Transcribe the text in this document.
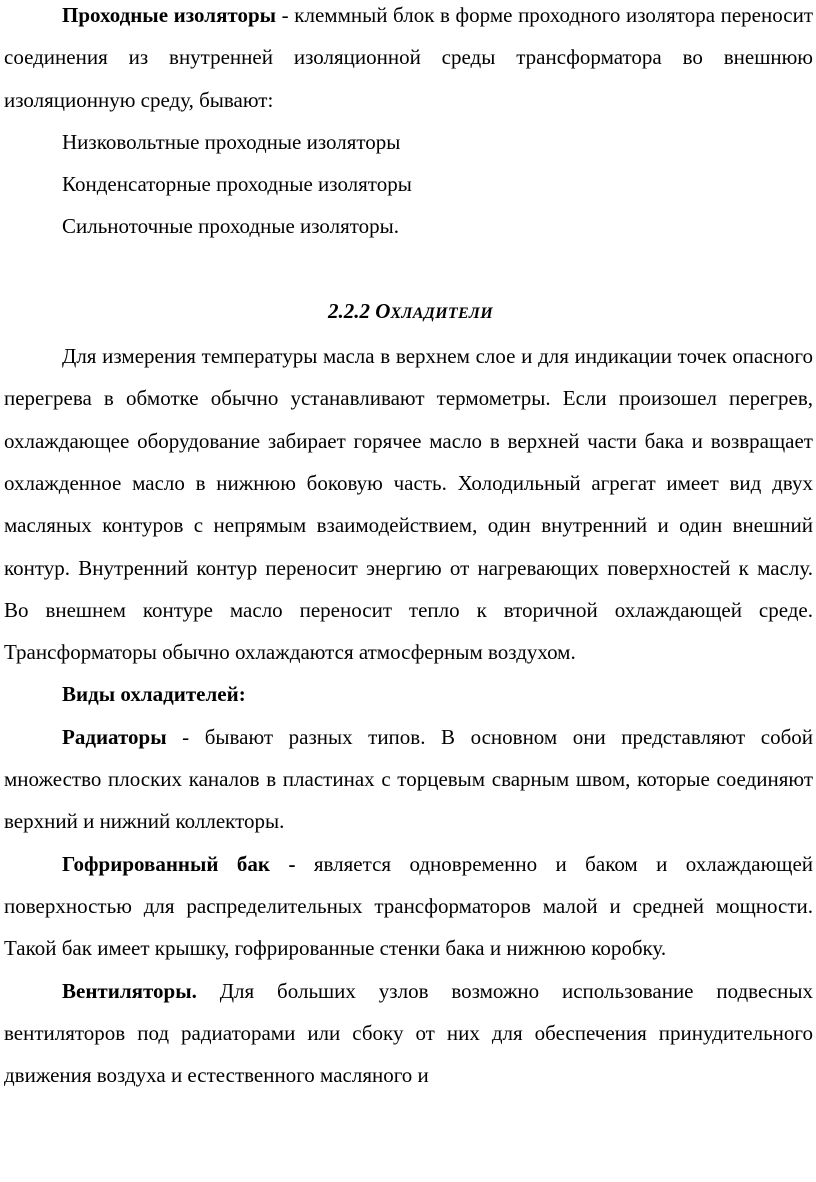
Проходные изоляторы - клеммный блок в форме проходного изолятора переносит соединения из внутренней изоляционной среды трансформатора во внешнюю изоляционную среду, бывают:

Низковольтные проходные изоляторы

Конденсаторные проходные изоляторы

Сильноточные проходные изоляторы.

2.2.2 ОХЛАДИТЕЛИ

Для измерения температуры масла в верхнем слое и для индикации точек опасного перегрева в обмотке обычно устанавливают термометры. Если произошел перегрев, охлаждающее оборудование забирает горячее масло в верхней части бака и возвращает охлажденное масло в нижнюю боковую часть. Холодильный агрегат имеет вид двух масляных контуров с непрямым взаимодействием, один внутренний и один внешний контур. Внутренний контур переносит энергию от нагревающих поверхностей к маслу. Во внешнем контуре масло переносит тепло к вторичной охлаждающей среде. Трансформаторы обычно охлаждаются атмосферным воздухом.

Виды охладителей:

Радиаторы - бывают разных типов. В основном они представляют собой множество плоских каналов в пластинах с торцевым сварным швом, которые соединяют верхний и нижний коллекторы.

Гофрированный бак - является одновременно и баком и охлаждающей поверхностью для распределительных трансформаторов малой и средней мощности. Такой бак имеет крышку, гофрированные стенки бака и нижнюю коробку.

Вентиляторы. Для больших узлов возможно использование подвесных вентиляторов под радиаторами или сбоку от них для обеспечения принудительного движения воздуха и естественного масляного и
